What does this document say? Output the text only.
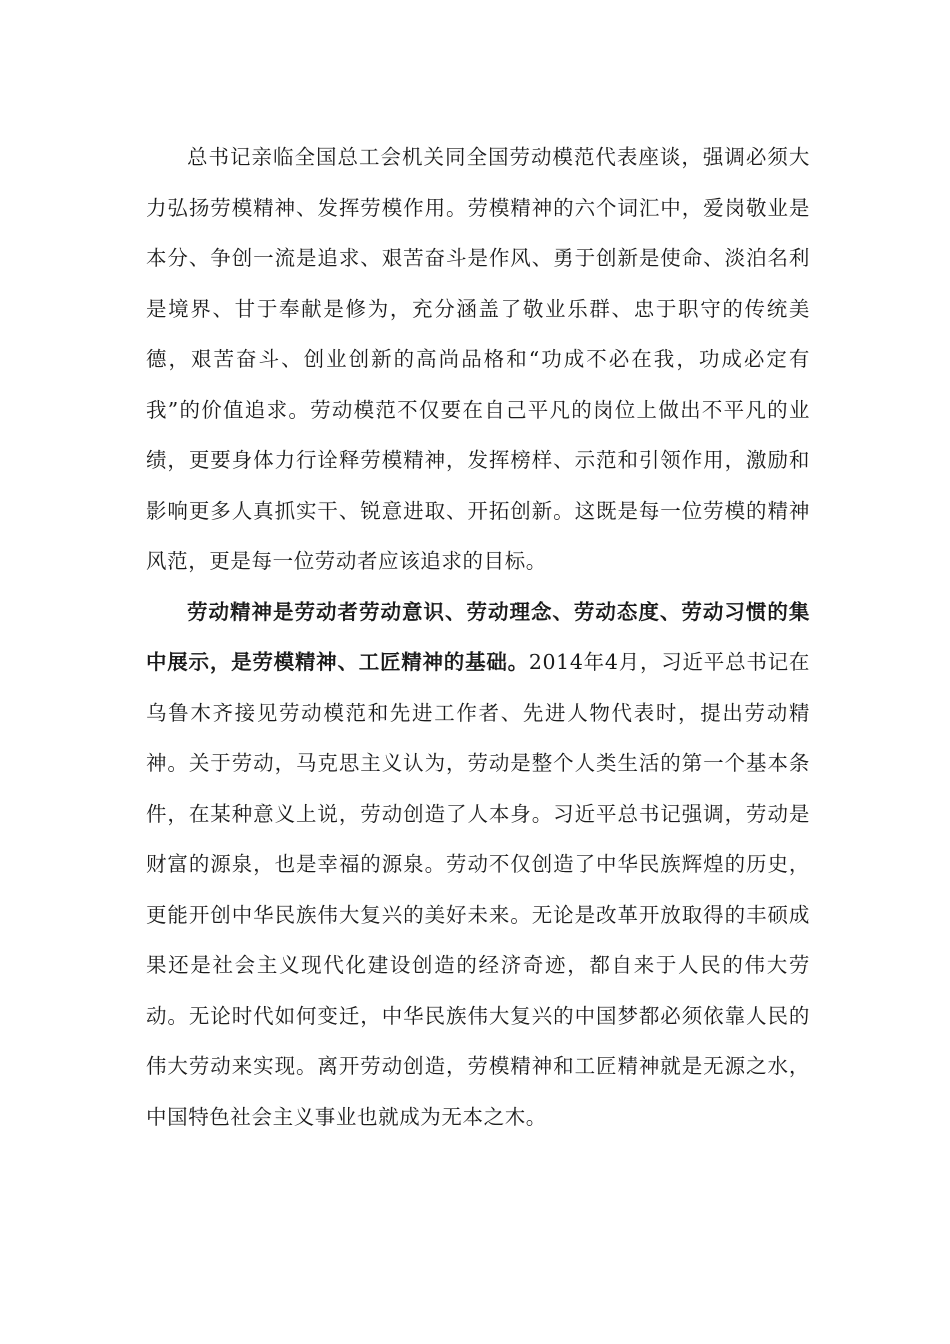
总书记亲临全国总工会机关同全国劳动模范代表座谈，强调必须大力弘扬劳模精神、发挥劳模作用。劳模精神的六个词汇中，爱岗敬业是本分、争创一流是追求、艰苦奋斗是作风、勇于创新是使命、淡泊名利是境界、甘于奉献是修为，充分涵盖了敬业乐群、忠于职守的传统美德，艰苦奋斗、创业创新的高尚品格和“功成不必在我，功成必定有我”的价值追求。劳动模范不仅要在自己平凡的岗位上做出不平凡的业绩，更要身体力行诠释劳模精神，发挥榜样、示范和引领作用，激励和影响更多人真抓实干、锐意进取、开拓创新。这既是每一位劳模的精神风范，更是每一位劳动者应该追求的目标。

劳动精神是劳动者劳动意识、劳动理念、劳动态度、劳动习惯的集中展示，是劳模精神、工匠精神的基础。2014年4月，习近平总书记在乌鲁木齐接见劳动模范和先进工作者、先进人物代表时，提出劳动精神。关于劳动，马克思主义认为，劳动是整个人类生活的第一个基本条件，在某种意义上说，劳动创造了人本身。习近平总书记强调，劳动是财富的源泉，也是幸福的源泉。劳动不仅创造了中华民族辉煌的历史，更能开创中华民族伟大复兴的美好未来。无论是改革开放取得的丰硕成果还是社会主义现代化建设创造的经济奇迹，都自来于人民的伟大劳动。无论时代如何变迁，中华民族伟大复兴的中国梦都必须依靠人民的伟大劳动来实现。离开劳动创造，劳模精神和工匠精神就是无源之水，中国特色社会主义事业也就成为无本之木。
